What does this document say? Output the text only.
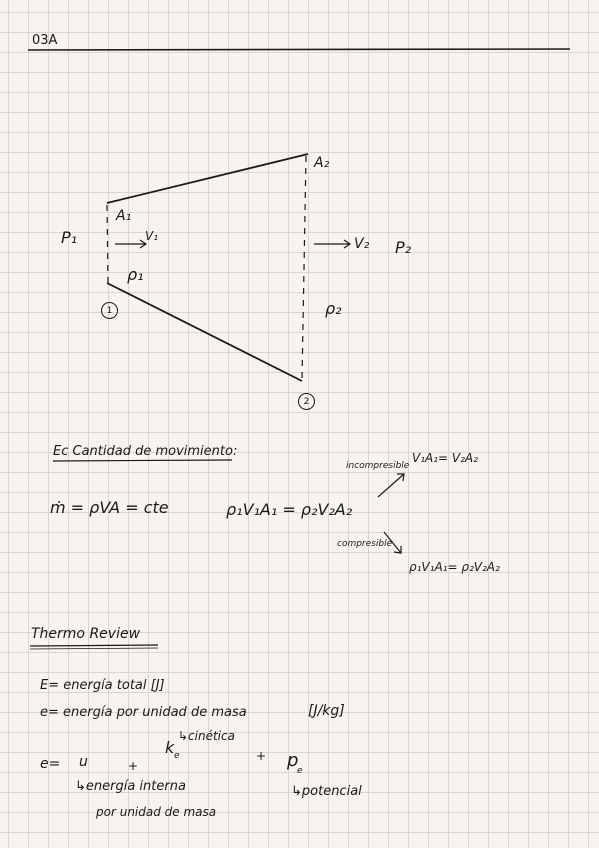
03A
A₁
A₂
P₁
P₂
V₁	V₂
ρ₁
ρ₂
1
2
Ec Cantidad de movimiento:
ṁ = ρVA = cte	ρ₁V₁A₁ = ρ₂V₂A₂
incompresible
V₁A₁= V₂A₂
compresible
ρ₁V₁A₁= ρ₂V₂A₂
Thermo Review
E= energía total [J]
e= energía por unidad de masa	[J/kg]
e= u	+
k e
↳cinética
+ p
e
↳energía interna
por unidad de masa
↳potencial
